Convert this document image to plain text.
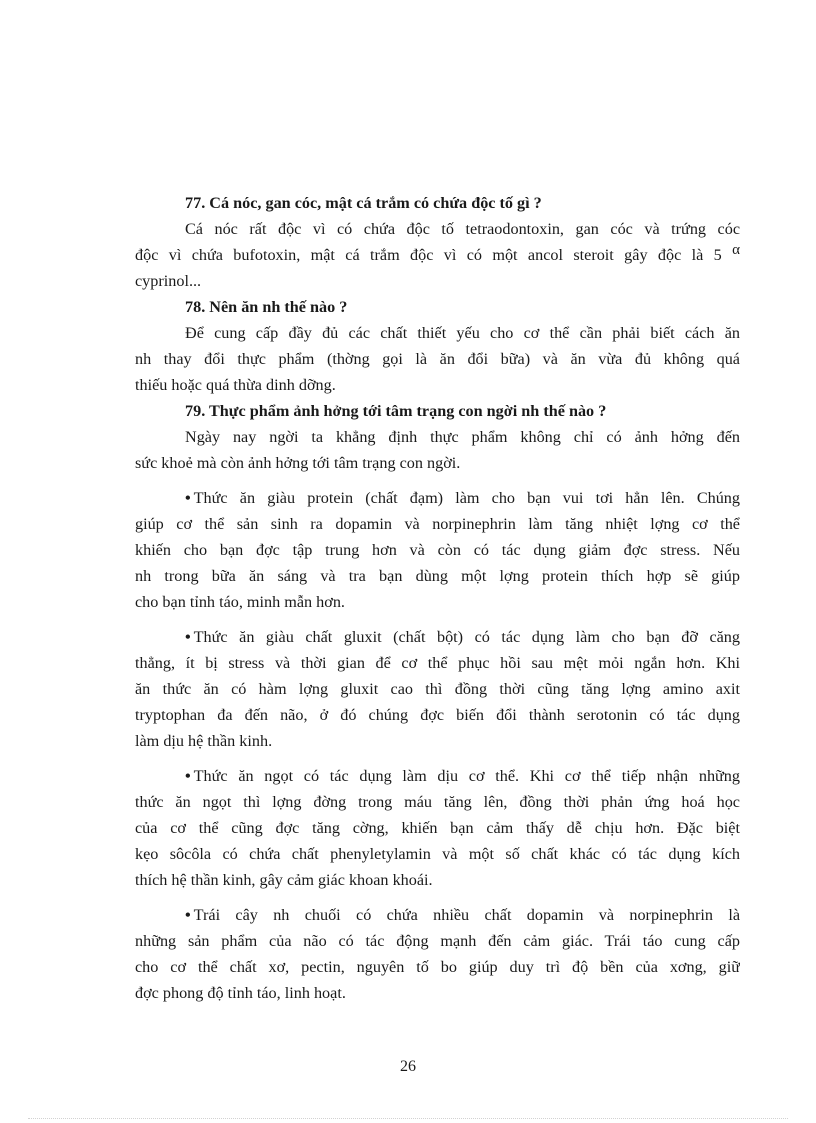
77. Cá nóc, gan cóc, mật cá trắm có chứa độc tố gì ?
Cá nóc rất độc vì có chứa độc tố tetraodontoxin, gan cóc và trứng cóc
độc vì chứa bufotoxin, mật cá trắm độc vì có một ancol steroit gây độc là 5 α
cyprinol...
78. Nên ăn nh thế nào ?
Để cung cấp đầy đủ các chất thiết yếu cho cơ thể cần phải biết cách ăn
nh thay đổi thực phẩm (thờng gọi là ăn đổi bữa) và ăn vừa đủ không quá
thiếu hoặc quá thừa dinh dỡng.
79. Thực phẩm ảnh hởng tới tâm trạng con ngời nh thế nào ?
Ngày nay ngời ta khẳng định thực phẩm không chỉ có ảnh hởng đến
sức khoẻ mà còn ảnh hởng tới tâm trạng con ngời.
• Thức ăn giàu protein (chất đạm) làm cho bạn vui tơi hẳn lên. Chúng
giúp cơ thể sản sinh ra dopamin và norpinephrin làm tăng nhiệt lợng cơ thể
khiến cho bạn đợc tập trung hơn và còn có tác dụng giảm đợc stress. Nếu
nh trong bữa ăn sáng và tra bạn dùng một lợng protein thích hợp sẽ giúp
cho bạn tỉnh táo, minh mẫn hơn.
• Thức ăn giàu chất gluxit (chất bột) có tác dụng làm cho bạn đỡ căng
thẳng, ít bị stress và thời gian để cơ thể phục hồi sau mệt mỏi ngắn hơn. Khi
ăn thức ăn có hàm lợng gluxit cao thì đồng thời cũng tăng lợng amino axit
tryptophan đa đến não, ở đó chúng đợc biến đổi thành serotonin có tác dụng
làm dịu hệ thần kinh.
• Thức ăn ngọt có tác dụng làm dịu cơ thể. Khi cơ thể tiếp nhận những
thức ăn ngọt thì lợng đờng trong máu tăng lên, đồng thời phản ứng hoá học
của cơ thể cũng đợc tăng cờng, khiến bạn cảm thấy dễ chịu hơn. Đặc biệt
kẹo sôcôla có chứa chất phenyletylamin và một số chất khác có tác dụng kích
thích hệ thần kinh, gây cảm giác khoan khoái.
• Trái cây nh chuối có chứa nhiều chất dopamin và norpinephrin là
những sản phẩm của não có tác động mạnh đến cảm giác. Trái táo cung cấp
cho cơ thể chất xơ, pectin, nguyên tố bo giúp duy trì độ bền của xơng, giữ
đợc phong độ tỉnh táo, linh hoạt.
26
